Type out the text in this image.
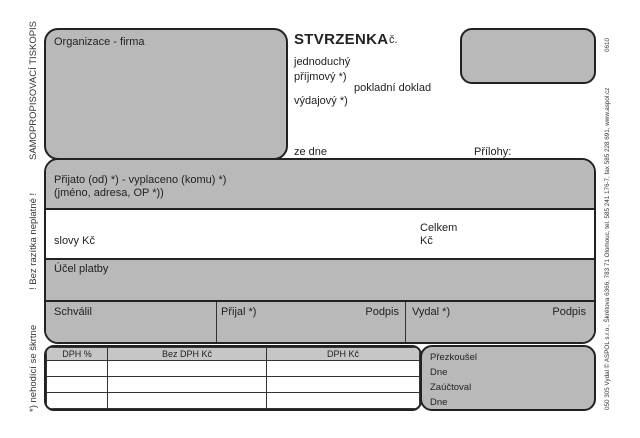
SAMOPROPISOVACÍ TISKOPIS
! Bez razítka neplatné !
*) nehodící se škrtne
0610
050 305 Vydal © ASPOL s.r.o., Škrétova 6366, 783 71 Olomouc, tel. 585 241 176-7, fax 585 228 691, www.aspol.cz
Organizace - firma	STVRZENKA č.
jednoduchý
příjmový *)
pokladní doklad
výdajový *)
ze dne	Přílohy:
Přijato (od) *) - vyplaceno (komu) *)
(jméno, adresa, OP *))
slovy Kč
Celkem
Kč
Účel platby
Schválil	Přijal *)	Podpis Vydal *)	Podpis
DPH %	Bez DPH Kč	DPH Kč

			Přezkoušel
Dne
Zaúčtoval
Dne
